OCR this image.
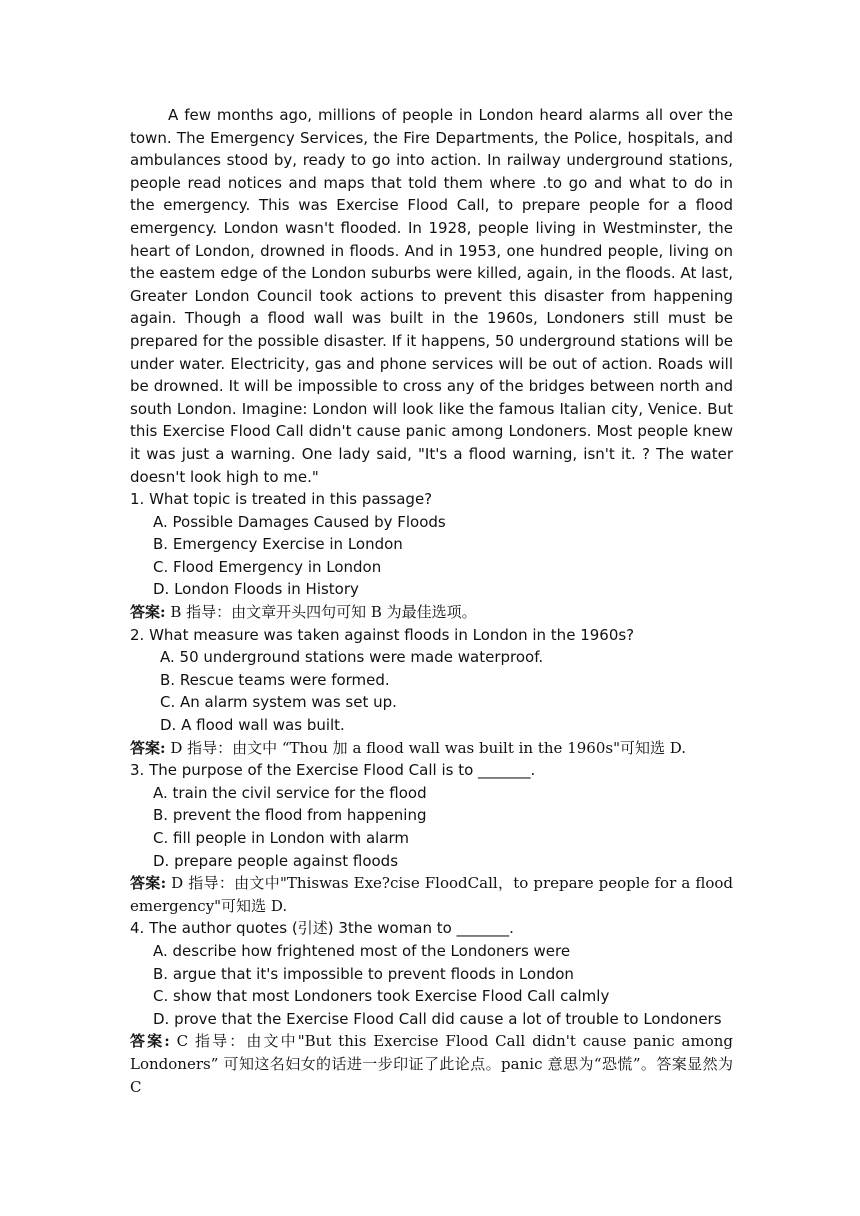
A few months ago, millions of people in London heard alarms all over the town. The Emergency Services, the Fire Departments, the Police, hospitals, and ambulances stood by, ready to go into action. In railway underground stations, people read notices and maps that told them where .to go and what to do in the emergency. This was Exercise Flood Call, to prepare people for a flood emergency. London wasn't flooded. In 1928, people living in Westminster, the heart of London, drowned in floods. And in 1953, one hundred people, living on the eastem edge of the London suburbs were killed, again, in the floods. At last, Greater London Council took actions to prevent this disaster from happening again. Though a flood wall was built in the 1960s, Londoners still must be prepared for the possible disaster. If it happens, 50 underground stations will be under water. Electricity, gas and phone services will be out of action. Roads will be drowned. It will be impossible to cross any of the bridges between north and south London. Imagine: London will look like the famous Italian city, Venice. But this Exercise Flood Call didn't cause panic among Londoners. Most people knew it was just a warning. One lady said, "It's a flood warning, isn't it. ? The water doesn't look high to me."

1. What topic is treated in this passage?

A. Possible Damages Caused by Floods

B. Emergency Exercise in London

C. Flood Emergency in London

D. London Floods in History

答案: B 指导：由文章开头四句可知 B 为最佳选项。

2. What measure was taken against floods in London in the 1960s?

A. 50 underground stations were made waterproof.

B. Rescue teams were formed.

C. An alarm system was set up.

D. A flood wall was built.

答案: D 指导：由文中 “Thou 加 a flood wall was built in the 1960s"可知选 D.

3. The purpose of the Exercise Flood Call is to _______.

A. train the civil service for the flood

B. prevent the flood from happening

C. fill people in London with alarm

D. prepare people against floods

答案: D 指导：由文中"Thiswas Exe?cise FloodCall，to prepare people for a flood emergency"可知选 D.

4. The author quotes (引述) 3the woman to _______.

A. describe how frightened most of the Londoners were

B. argue that it's impossible to prevent floods in London

C. show that most Londoners took Exercise Flood Call calmly

D. prove that the Exercise Flood Call did cause a lot of trouble to Londoners

答案: C 指导：由文中"But this Exercise Flood Call didn't cause panic among Londoners” 可知这名妇女的话进一步印证了此论点。panic 意思为“恐慌”。答案显然为 C
